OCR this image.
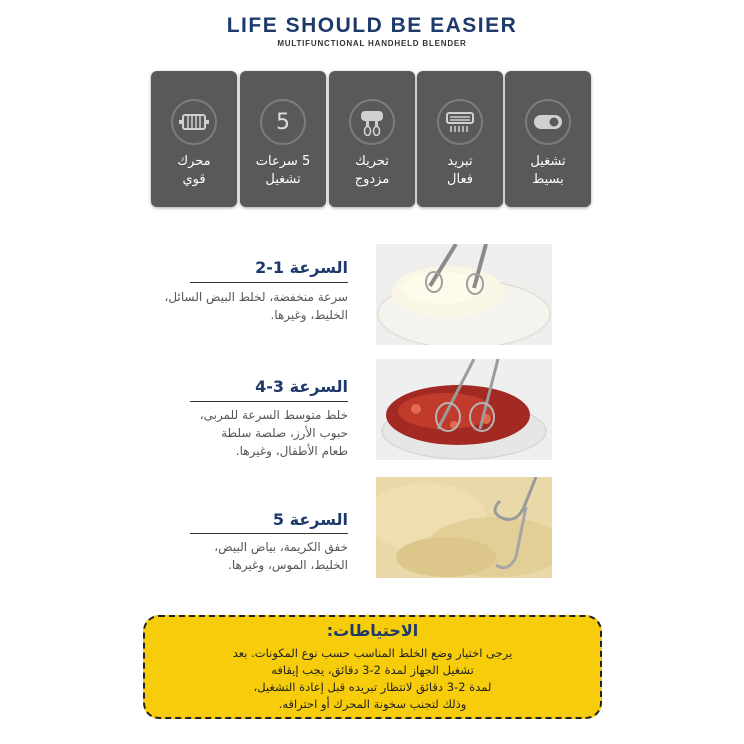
LIFE SHOULD BE EASIER
MULTIFUNCTIONAL HANDHELD BLENDER
محرك
قوي
5
5 سرعات
تشغيل
تحريك
مزدوج
تبريد
فعال
تشغيل
بسيط
السرعة 1-2
سرعة منخفضة، لخلط البيض السائل،
الخليط، وغيرها.
السرعة 3-4
خلط متوسط السرعة للمربى،
حبوب الأرز، صلصة سلطة
طعام الأطفال، وغيرها.
السرعة 5
خفق الكريمة، بياض البيض،
الخليط، الموس، وغيرها.
الاحتياطات:
يرجى اختيار وضع الخلط المناسب حسب نوع المكونات. بعد
تشغيل الجهاز لمدة 2-3 دقائق، يجب إيقافه
لمدة 2-3 دقائق لانتظار تبريده قبل إعادة التشغيل،
وذلك لتجنب سخونة المحرك أو احتراقه.
